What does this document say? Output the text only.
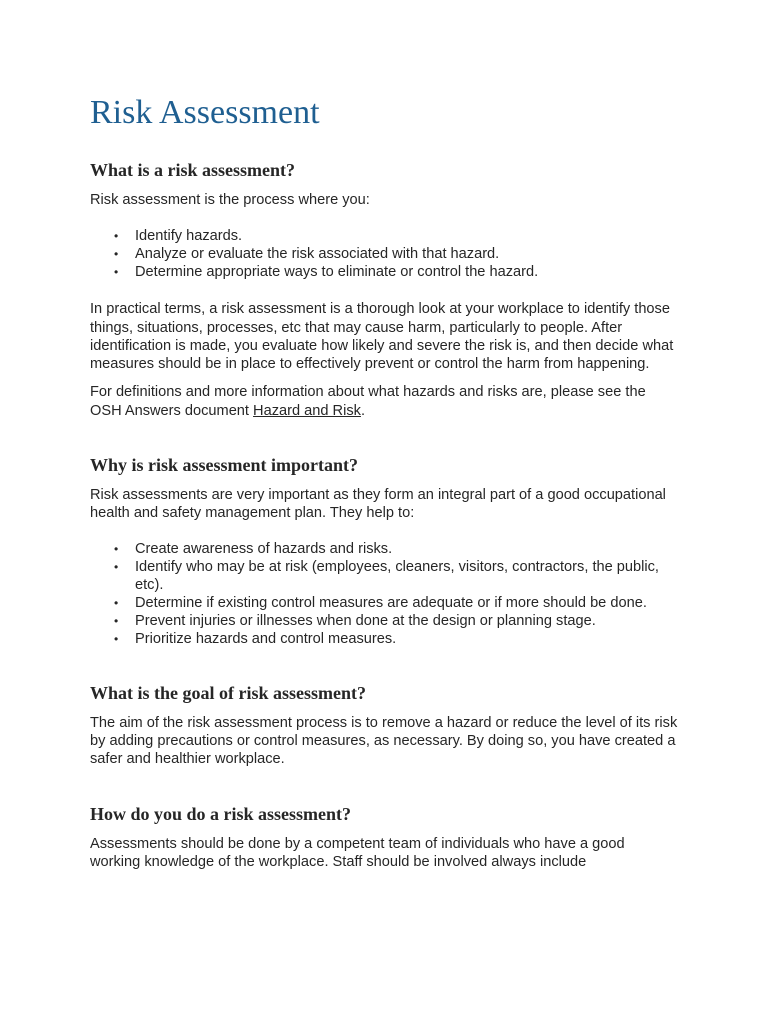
Risk Assessment
What is a risk assessment?

Risk assessment is the process where you:

• Identify hazards.
• Analyze or evaluate the risk associated with that hazard.
• Determine appropriate ways to eliminate or control the hazard.

In practical terms, a risk assessment is a thorough look at your workplace to identify those things, situations, processes, etc that may cause harm, particularly to people. After identification is made, you evaluate how likely and severe the risk is, and then decide what measures should be in place to effectively prevent or control the harm from happening.

For definitions and more information about what hazards and risks are, please see the OSH Answers document Hazard and Risk.

Why is risk assessment important?

Risk assessments are very important as they form an integral part of a good occupational health and safety management plan. They help to:

• Create awareness of hazards and risks.
• Identify who may be at risk (employees, cleaners, visitors, contractors, the public, etc).
• Determine if existing control measures are adequate or if more should be done.
• Prevent injuries or illnesses when done at the design or planning stage.
• Prioritize hazards and control measures.
What is the goal of risk assessment?

The aim of the risk assessment process is to remove a hazard or reduce the level of its risk by adding precautions or control measures, as necessary. By doing so, you have created a safer and healthier workplace.

How do you do a risk assessment?

Assessments should be done by a competent team of individuals who have a good working knowledge of the workplace. Staff should be involved always include
